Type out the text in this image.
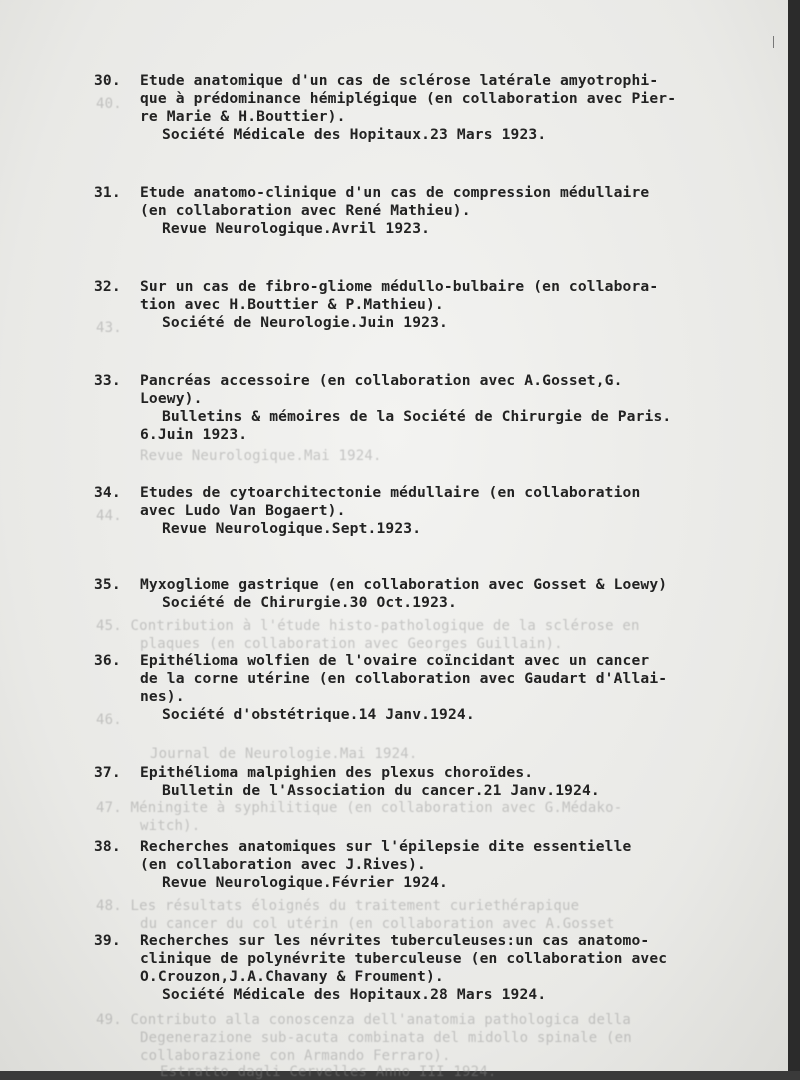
40.
Revue Neurologique.Mai 1924.
43.
44.
45. Contribution à l'étude histo-pathologique de la sclérose en
plaques (en collaboration avec Georges Guillain).
46.
Journal de Neurologie.Mai 1924.
47. Méningite à syphilitique (en collaboration avec G.Médako-
witch).
48. Les résultats éloignés du traitement curiethérapique
du cancer du col utérin (en collaboration avec A.Gosset
49. Contributo alla conoscenza dell'anatomia pathologica della
Degenerazione sub-acuta combinata del midollo spinale (en
collaborazione con Armando Ferraro).
Estratto dagli Cervelles Anno III 1924.
30. Etude anatomique d'un cas de sclérose latérale amyotrophi-
que à prédominance hémiplégique (en collaboration avec Pier-
re Marie & H.Bouttier).
Société Médicale des Hopitaux.23 Mars 1923.
31. Etude anatomo-clinique d'un cas de compression médullaire
(en collaboration avec René Mathieu).
Revue Neurologique.Avril 1923.
32. Sur un cas de fibro-gliome médullo-bulbaire (en collabora-
tion avec H.Bouttier & P.Mathieu).
Société de Neurologie.Juin 1923.
33. Pancréas accessoire (en collaboration avec A.Gosset,G.
Loewy).
Bulletins & mémoires de la Société de Chirurgie de Paris.
6.Juin 1923.
34. Etudes de cytoarchitectonie médullaire (en collaboration
avec Ludo Van Bogaert).
Revue Neurologique.Sept.1923.
35. Myxogliome gastrique (en collaboration avec Gosset & Loewy)
Société de Chirurgie.30 Oct.1923.
36. Epithélioma wolfien de l'ovaire coïncidant avec un cancer
de la corne utérine (en collaboration avec Gaudart d'Allai-
nes).
Société d'obstétrique.14 Janv.1924.
37. Epithélioma malpighien des plexus choroïdes.
Bulletin de l'Association du cancer.21 Janv.1924.
38. Recherches anatomiques sur l'épilepsie dite essentielle
(en collaboration avec J.Rives).
Revue Neurologique.Février 1924.
39. Recherches sur les névrites tuberculeuses:un cas anatomo-
clinique de polynévrite tuberculeuse (en collaboration avec
O.Crouzon,J.A.Chavany & Froument).
Société Médicale des Hopitaux.28 Mars 1924.
